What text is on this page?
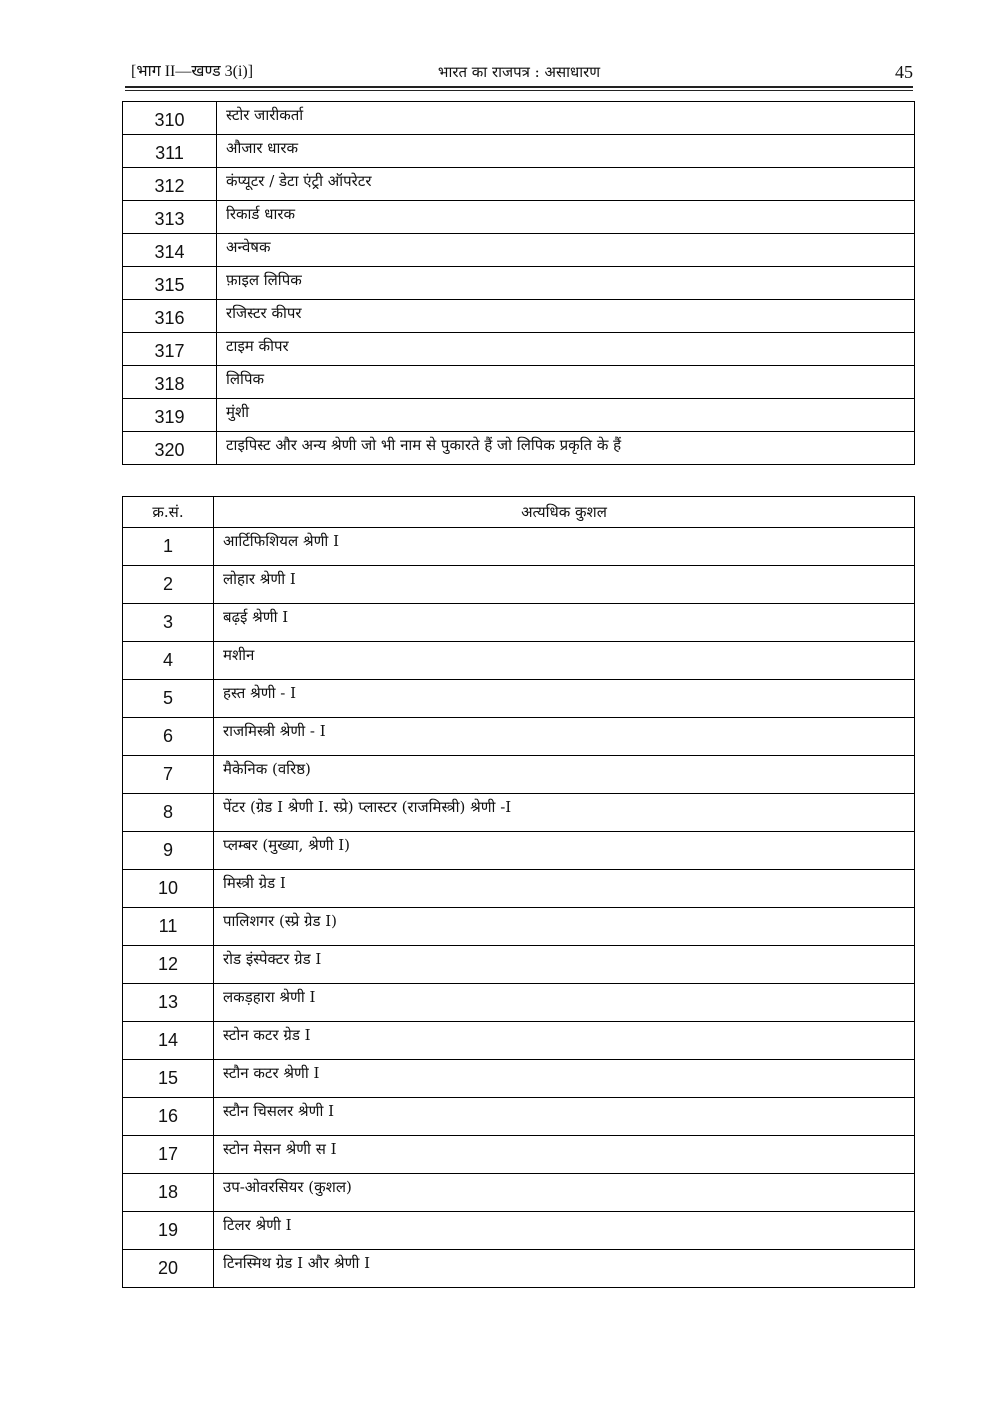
[भाग II—खण्ड 3(i)]	भारत का राजपत्र : असाधारण	45
310	स्टोर जारीकर्ता
311	औजार धारक
312	कंप्यूटर / डेटा एंट्री ऑपरेटर
313	रिकार्ड धारक
314	अन्वेषक
315	फ़ाइल लिपिक
316	रजिस्टर कीपर
317	टाइम कीपर
318	लिपिक
319	मुंशी
320	टाइपिस्ट और अन्य श्रेणी जो भी नाम से पुकारते हैं जो लिपिक प्रकृति के हैं
क्र.सं.	अत्यधिक कुशल
1	आर्टिफिशियल श्रेणी I
2	लोहार श्रेणी I
3	बढ़ई श्रेणी I
4	मशीन
5	हस्त श्रेणी - I
6	राजमिस्त्री श्रेणी - I
7	मैकेनिक (वरिष्ठ)
8	पेंटर (ग्रेड I श्रेणी I. स्प्रे) प्लास्टर (राजमिस्त्री) श्रेणी -I
9	प्लम्बर (मुख्या, श्रेणी I)
10	मिस्त्री ग्रेड I
11	पालिशगर (स्प्रे ग्रेड I)
12	रोड इंस्पेक्टर ग्रेड I
13	लकड़हारा श्रेणी I
14	स्टोन कटर ग्रेड I
15	स्टौन कटर श्रेणी I
16	स्टौन चिसलर श्रेणी I
17	स्टोन मेसन श्रेणी स I
18	उप-ओवरसियर (कुशल)
19	टिलर श्रेणी I
20	टिनस्मिथ ग्रेड I और श्रेणी I
